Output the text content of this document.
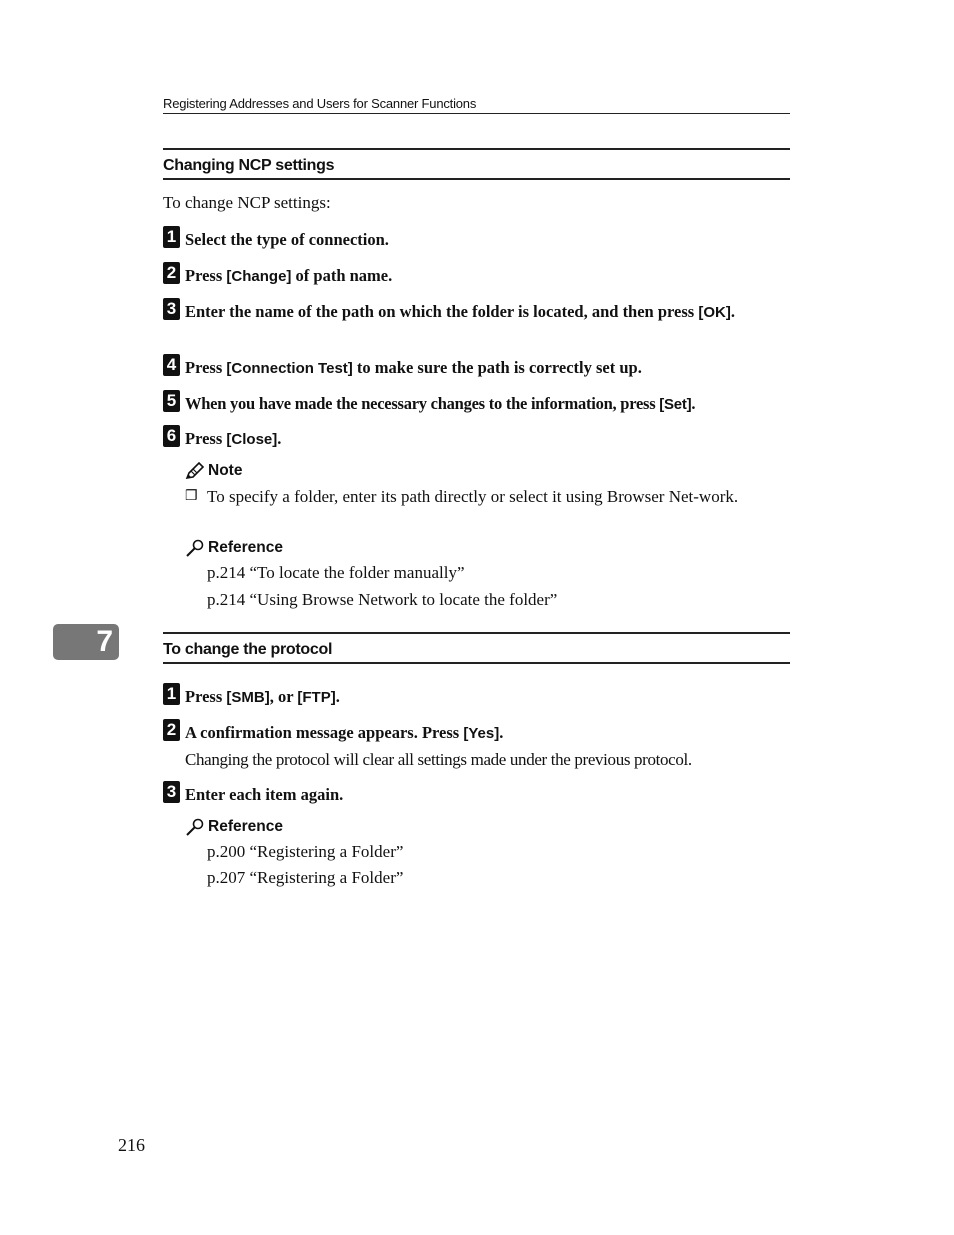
Registering Addresses and Users for Scanner Functions
Changing NCP settings
To change NCP settings:
1 Select the type of connection.
2 Press [Change] of path name.
3 Enter the name of the path on which the folder is located, and then press [OK].
4 Press [Connection Test] to make sure the path is correctly set up.
5 When you have made the necessary changes to the information, press [Set].
6 Press [Close].
Note
❒ To specify a folder, enter its path directly or select it using Browser Net-work.
Reference
p.214 “To locate the folder manually”
p.214 “Using Browse Network to locate the folder”
7	To change the protocol
1 Press [SMB], or [FTP].
2 A confirmation message appears. Press [Yes].
Changing the protocol will clear all settings made under the previous protocol.
3 Enter each item again.
Reference
p.200 “Registering a Folder”
p.207 “Registering a Folder”
216
